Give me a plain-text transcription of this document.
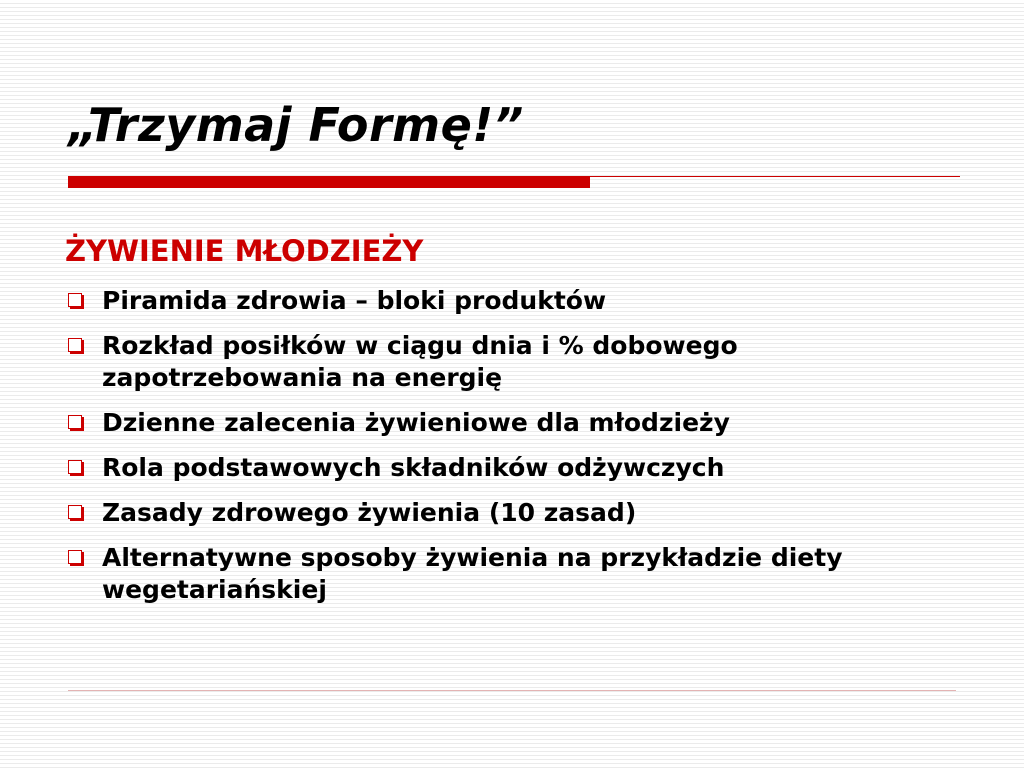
„Trzymaj Formę!”
ŻYWIENIE MŁODZIEŻY
Piramida zdrowia – bloki produktów
Rozkład posiłków w ciągu dnia i % dobowego zapotrzebowania na energię
Dzienne zalecenia żywieniowe dla młodzieży
Rola podstawowych składników odżywczych
Zasady zdrowego żywienia (10 zasad)
Alternatywne sposoby żywienia na przykładzie diety wegetariańskiej
